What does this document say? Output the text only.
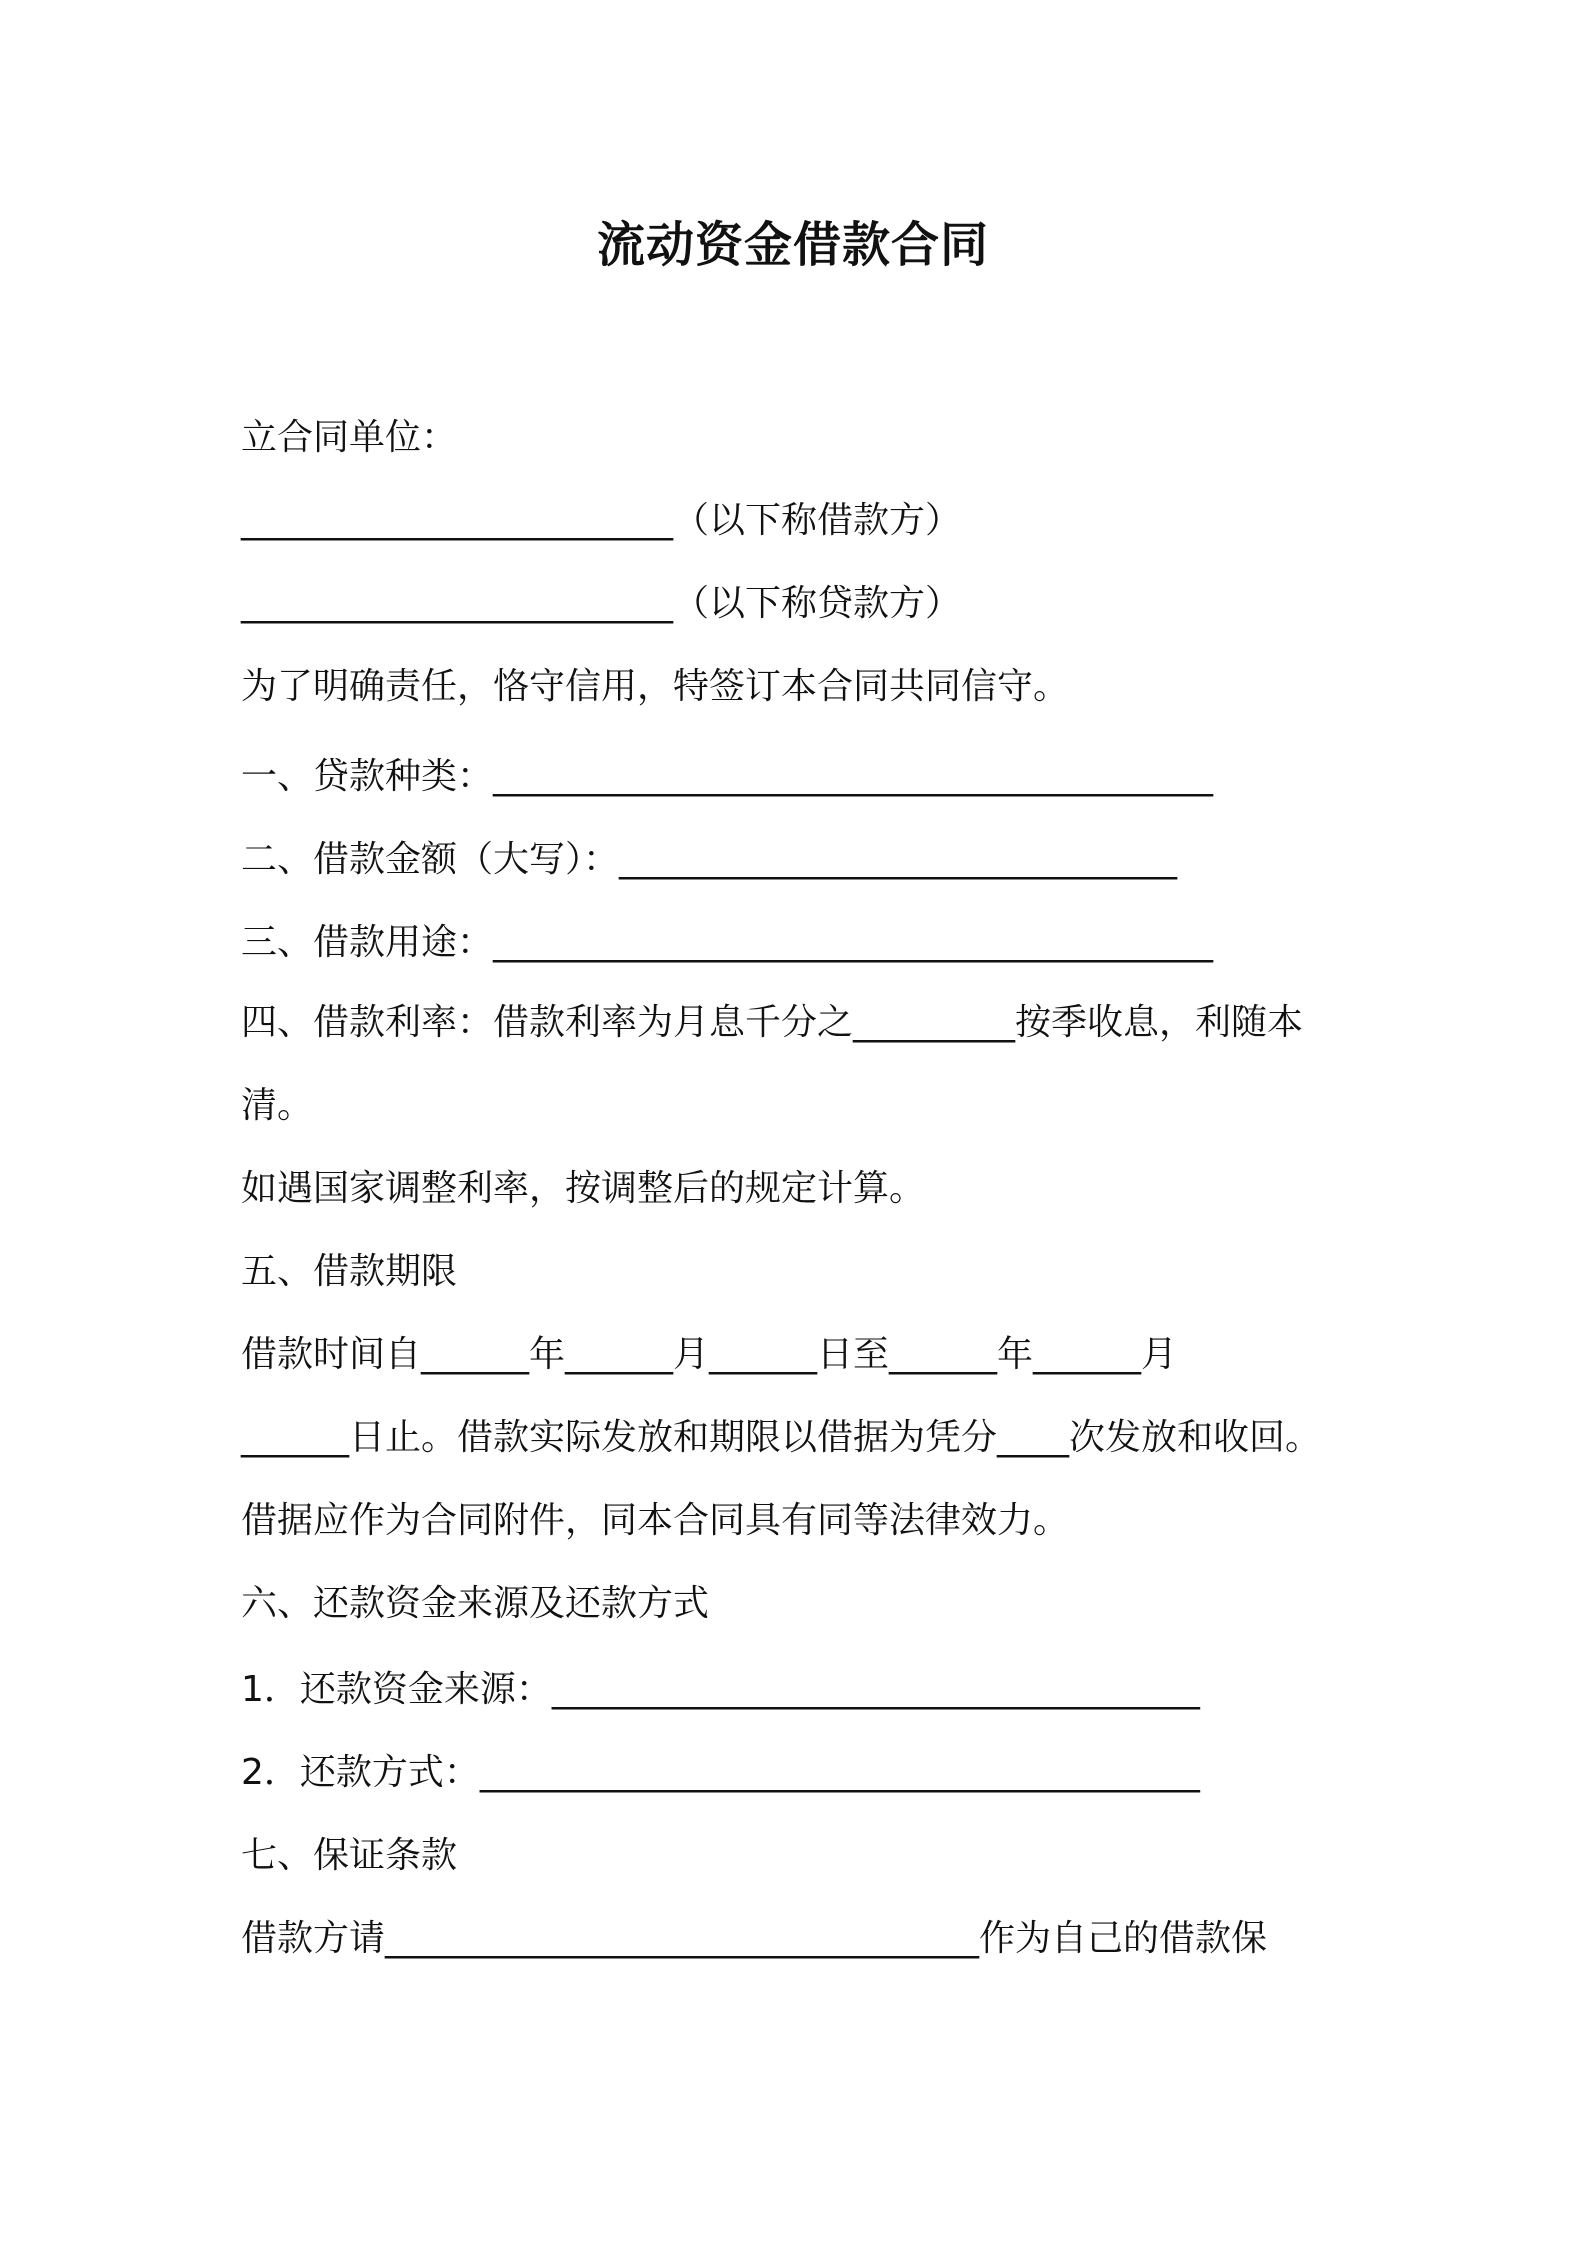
流动资金借款合同

立合同单位：

________________________（以下称借款方）

________________________（以下称贷款方）

为了明确责任，恪守信用，特签订本合同共同信守。

一、贷款种类：________________________________________

二、借款金额（大写）：_______________________________

三、借款用途：________________________________________

四、借款利率：借款利率为月息千分之_________按季收息，利随本

清。

如遇国家调整利率，按调整后的规定计算。

五、借款期限

借款时间自______年______月______日至______年______月

______日止。借款实际发放和期限以借据为凭分____次发放和收回。

借据应作为合同附件，同本合同具有同等法律效力。

六、还款资金来源及还款方式

1．还款资金来源：____________________________________

2．还款方式：________________________________________

七、保证条款

借款方请_________________________________作为自己的借款保
